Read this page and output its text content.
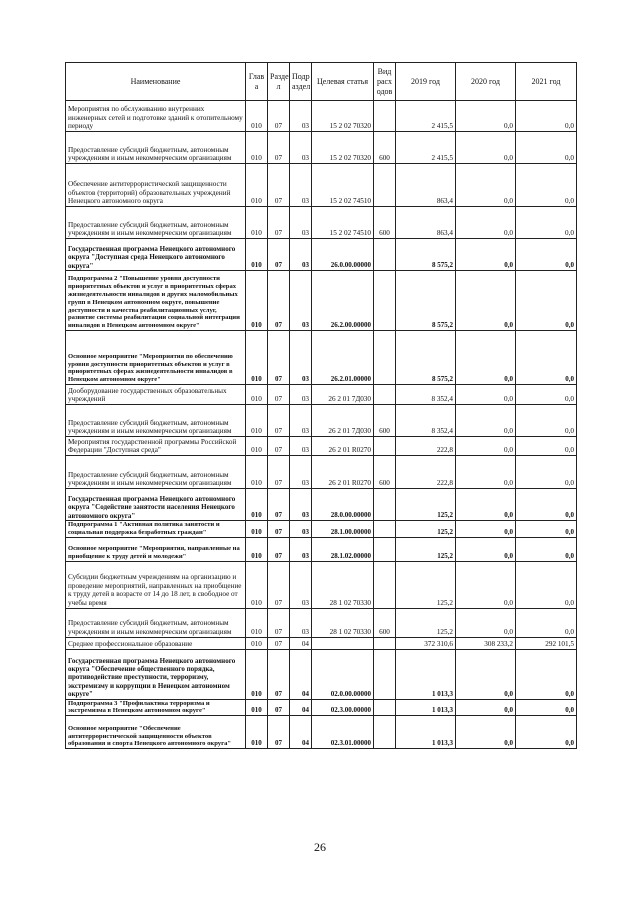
Наименование	Глав а	Разде л	Подр аздел	Целевая статья	Вид расх одов	2019 год	2020 год	2021 год
Мероприятия по обслуживанию внутренних инженерных сетей и подготовке зданий к отопительному периоду	010	07	03	15 2 02 70320		2 415,5	0,0	0,0
Предоставление субсидий бюджетным, автономным учреждениям и иным некоммерческим организациям	010	07	03	15 2 02 70320	600	2 415,5	0,0	0,0
Обеспечение антитеррористической защищенности объектов (территорий) образовательных учреждений Ненецкого автономного округа	010	07	03	15 2 02 74510		863,4	0,0	0,0
Предоставление субсидий бюджетным, автономным учреждениям и иным некоммерческим организациям	010	07	03	15 2 02 74510	600	863,4	0,0	0,0
Государственная программа Ненецкого автономного округа "Доступная среда Ненецкого автономного округа"	010	07	03	26.0.00.00000		8 575,2	0,0	0,0
Подпрограмма 2 "Повышение уровня доступности приоритетных объектов и услуг в приоритетных сферах жизнедеятельности инвалидов и других маломобильных групп в Ненецком автономном округе, повышение доступности и качества реабилитационных услуг, развитие системы реабилитации социальной интеграции инвалидов в Ненецком автономном округе"	010	07	03	26.2.00.00000		8 575,2	0,0	0,0
Основное мероприятие "Мероприятия по обеспечению уровня доступности приоритетных объектов и услуг в приоритетных сферах жизнедеятельности инвалидов в Ненецком автономном округе"	010	07	03	26.2.01.00000		8 575,2	0,0	0,0
Дооборудование государственных образовательных учреждений	010	07	03	26 2 01 7Д030		8 352,4	0,0	0,0
Предоставление субсидий бюджетным, автономным учреждениям и иным некоммерческим организациям	010	07	03	26 2 01 7Д030	600	8 352,4	0,0	0,0
Мероприятия государственной программы Российской Федерации "Доступная среда"	010	07	03	26 2 01 R0270		222,8	0,0	0,0
Предоставление субсидий бюджетным, автономным учреждениям и иным некоммерческим организациям	010	07	03	26 2 01 R0270	600	222,8	0,0	0,0
Государственная программа Ненецкого автономного округа "Содействие занятости населения Ненецкого автономного округа"	010	07	03	28.0.00.00000		125,2	0,0	0,0
Подпрограмма 1 "Активная политика занятости и социальная поддержка безработных граждан"	010	07	03	28.1.00.00000		125,2	0,0	0,0
Основное мероприятие "Мероприятия, направленные на приобщение к труду детей и молодежи"	010	07	03	28.1.02.00000		125,2	0,0	0,0
Субсидии бюджетным учреждениям на организацию и проведение мероприятий, направленных на приобщение к труду детей в возрасте от 14 до 18 лет, в свободное от учебы время	010	07	03	28 1 02 70330		125,2	0,0	0,0
Предоставление субсидий бюджетным, автономным учреждениям и иным некоммерческим организациям	010	07	03	28 1 02 70330	600	125,2	0,0	0,0
Среднее профессиональное образование	010	07	04			372 310,6	308 233,2	292 101,5
Государственная программа Ненецкого автономного округа "Обеспечение общественного порядка, противодействие преступности, терроризму, экстремизму и коррупции в Ненецком автономном округе"	010	07	04	02.0.00.00000		1 013,3	0,0	0,0
Подпрограмма 3 "Профилактика терроризма и экстремизма в Ненецком автономном округе"	010	07	04	02.3.00.00000		1 013,3	0,0	0,0
Основное мероприятие "Обеспечение антитеррористической защищенности объектов образования и спорта Ненецкого автономного округа"	010	07	04	02.3.01.00000		1 013,3	0,0	0,0
26
